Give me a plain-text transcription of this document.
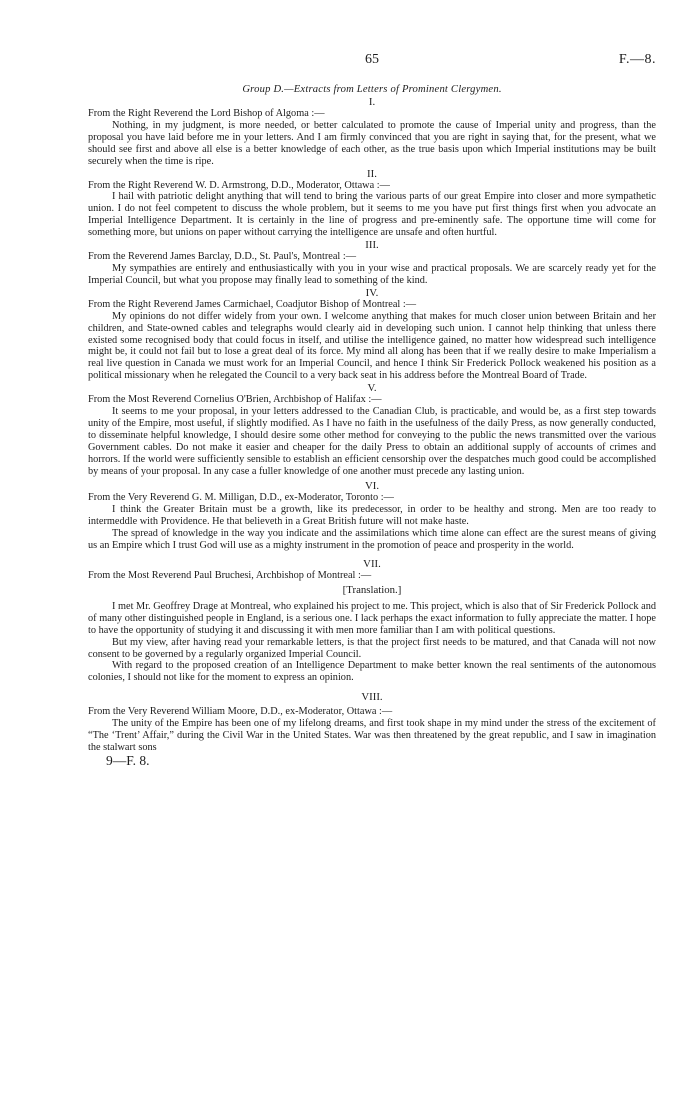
65	F.—8.
Group D.—Extracts from Letters of Prominent Clergymen.

I.

From the Right Reverend the Lord Bishop of Algoma :—

Nothing, in my judgment, is more needed, or better calculated to promote the cause of Imperial unity and progress, than the proposal you have laid before me in your letters. And I am firmly convinced that you are right in saying that, for the present, what we should see first and above all else is a better knowledge of each other, as the true basis upon which Imperial institutions may be built securely when the time is ripe.

II.

From the Right Reverend W. D. Armstrong, D.D., Moderator, Ottawa :—

I hail with patriotic delight anything that will tend to bring the various parts of our great Empire into closer and more sympathetic union. I do not feel competent to discuss the whole problem, but it seems to me you have put first things first when you advocate an Imperial Intelligence Department. It is certainly in the line of progress and pre-eminently safe. The opportune time will come for something more, but unions on paper without carrying the intelligence are unsafe and often hurtful.

III.

From the Reverend James Barclay, D.D., St. Paul's, Montreal :—

My sympathies are entirely and enthusiastically with you in your wise and practical proposals. We are scarcely ready yet for the Imperial Council, but what you propose may finally lead to something of the kind.

IV.

From the Right Reverend James Carmichael, Coadjutor Bishop of Montreal :—

My opinions do not differ widely from your own. I welcome anything that makes for much closer union between Britain and her children, and State-owned cables and telegraphs would clearly aid in developing such union. I cannot help thinking that unless there existed some recognised body that could focus in itself, and utilise the intelligence gained, no matter how widespread such intelligence might be, it could not fail but to lose a great deal of its force. My mind all along has been that if we really desire to make Imperialism a real live question in Canada we must work for an Imperial Council, and hence I think Sir Frederick Pollock weakened his position as a political missionary when he relegated the Council to a very back seat in his address before the Montreal Board of Trade.

V.

From the Most Reverend Cornelius O'Brien, Archbishop of Halifax :—

It seems to me your proposal, in your letters addressed to the Canadian Club, is practicable, and would be, as a first step towards unity of the Empire, most useful, if slightly modified. As I have no faith in the usefulness of the daily Press, as now generally conducted, to disseminate helpful knowledge, I should desire some other method for conveying to the public the news transmitted over the various Government cables. Do not make it easier and cheaper for the daily Press to obtain an additional supply of accounts of crimes and horrors. If the world were sufficiently sensible to establish an efficient censorship over the despatches much good could be accomplished by means of your proposal. In any case a fuller knowledge of one another must precede any lasting union.

VI.

From the Very Reverend G. M. Milligan, D.D., ex-Moderator, Toronto :—

I think the Greater Britain must be a growth, like its predecessor, in order to be healthy and strong. Men are too ready to intermeddle with Providence. He that believeth in a Great British future will not make haste.

The spread of knowledge in the way you indicate and the assimilations which time alone can effect are the surest means of giving us an Empire which I trust God will use as a mighty instrument in the promotion of peace and prosperity in the world.

VII.

From the Most Reverend Paul Bruchesi, Archbishop of Montreal :—

[Translation.]

I met Mr. Geoffrey Drage at Montreal, who explained his project to me. This project, which is also that of Sir Frederick Pollock and of many other distinguished people in England, is a serious one. I lack perhaps the exact information to fully appreciate the matter. I hope to have the opportunity of studying it and discussing it with men more familiar than I am with political questions.

But my view, after having read your remarkable letters, is that the project first needs to be matured, and that Canada will not now consent to be governed by a regularly organized Imperial Council.

With regard to the proposed creation of an Intelligence Department to make better known the real sentiments of the autonomous colonies, I should not like for the moment to express an opinion.

VIII.

From the Very Reverend William Moore, D.D., ex-Moderator, Ottawa :—

The unity of the Empire has been one of my lifelong dreams, and first took shape in my mind under the stress of the excitement of “The ‘Trent’ Affair,” during the Civil War in the United States. War was then threatened by the great republic, and I saw in imagination the stalwart sons

9—F. 8.
